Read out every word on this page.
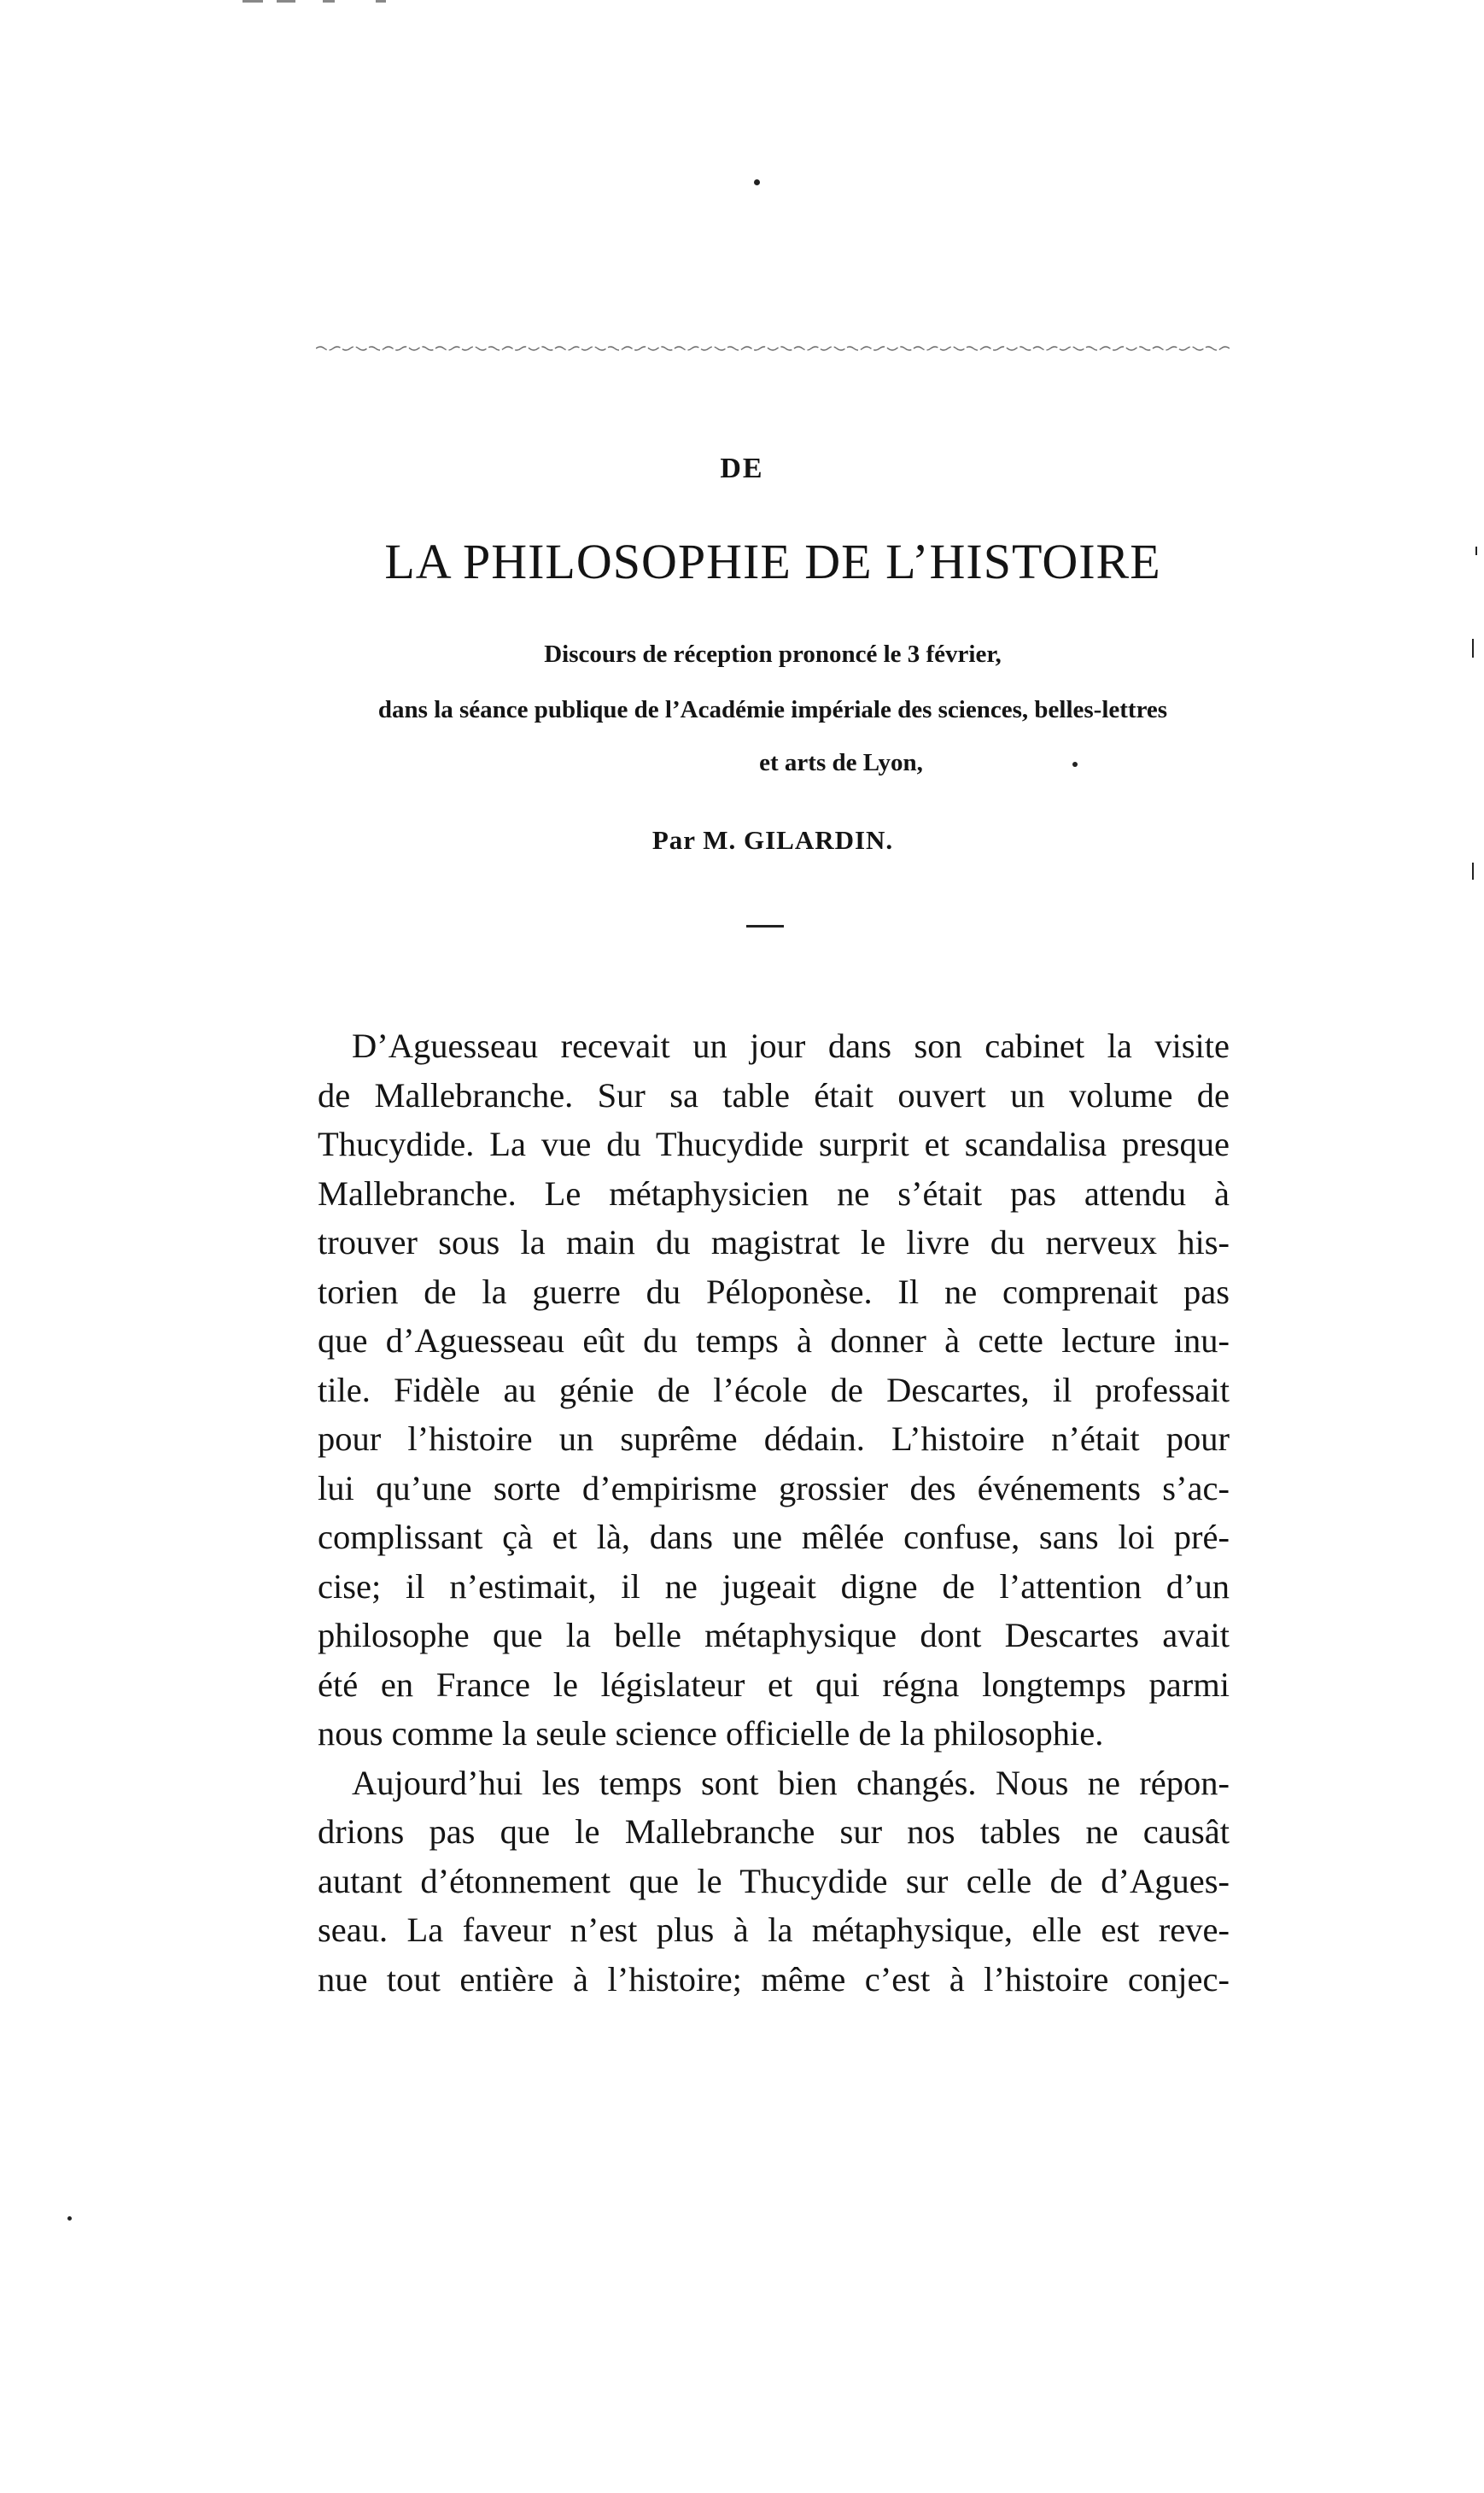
DE
LA PHILOSOPHIE DE L’HISTOIRE
Discours de réception prononcé le 3 février,
dans la séance publique de l’Académie impériale des sciences, belles-lettres
et arts de Lyon,
Par M. GILARDIN.
D’Aguesseau recevait un jour dans son cabinet la visite
de Mallebranche. Sur sa table était ouvert un volume de
Thucydide. La vue du Thucydide surprit et scandalisa presque
Mallebranche. Le métaphysicien ne s’était pas attendu à
trouver sous la main du magistrat le livre du nerveux his-
torien de la guerre du Péloponèse. Il ne comprenait pas
que d’Aguesseau eût du temps à donner à cette lecture inu-
tile. Fidèle au génie de l’école de Descartes, il professait
pour l’histoire un suprême dédain. L’histoire n’était pour
lui qu’une sorte d’empirisme grossier des événements s’ac-
complissant çà et là, dans une mêlée confuse, sans loi pré-
cise; il n’estimait, il ne jugeait digne de l’attention d’un
philosophe que la belle métaphysique dont Descartes avait
été en France le législateur et qui régna longtemps parmi
nous comme la seule science officielle de la philosophie.
Aujourd’hui les temps sont bien changés. Nous ne répon-
drions pas que le Mallebranche sur nos tables ne causât
autant d’étonnement que le Thucydide sur celle de d’Agues-
seau. La faveur n’est plus à la métaphysique, elle est reve-
nue tout entière à l’histoire; même c’est à l’histoire conjec-
